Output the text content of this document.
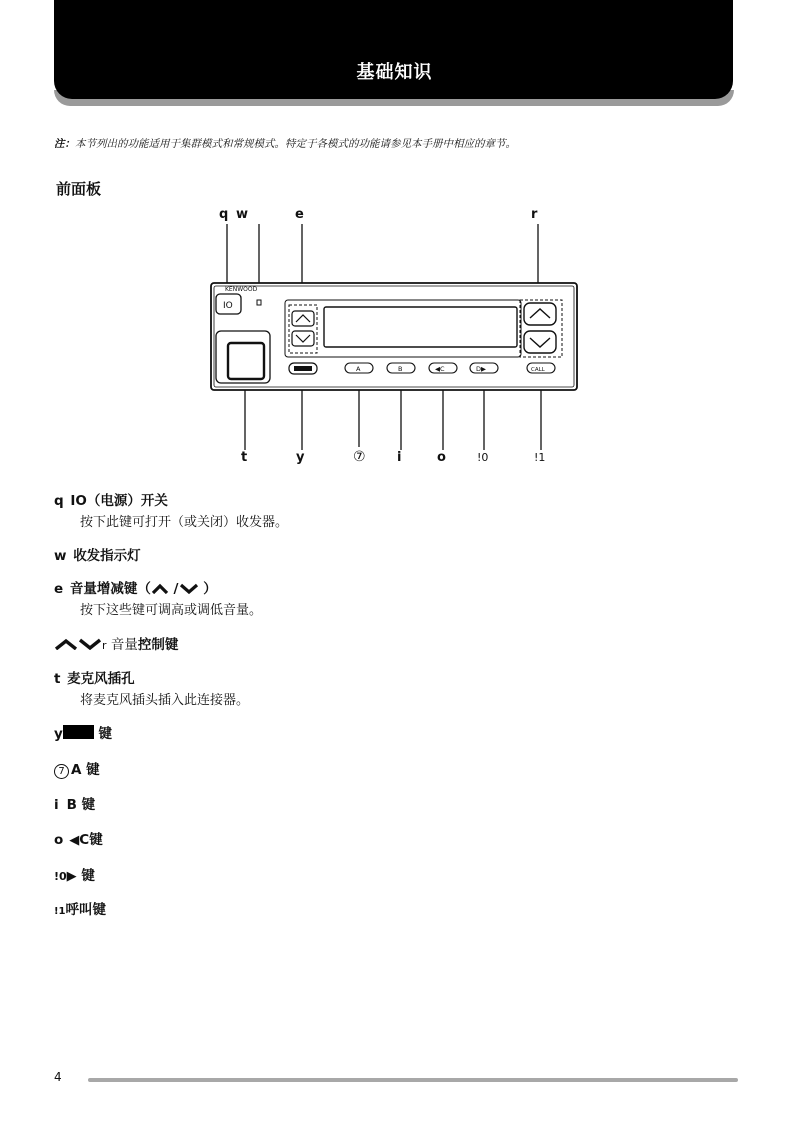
基础知识
注：本节列出的功能适用于集群模式和常规模式。特定于各模式的功能请参见本手册中相应的章节。
前面板
q w	e	r
t	y	⑦ i	o	!0	!1
KENWOOD
IO
A	B	◀C	D▶	CALL
q IO（电源）开关
按下此键可打开（或关闭）收发器。
w 收发指示灯
e 音量增减键（ / ）
按下这些键可调高或调低音量。
r 音量控制键
t 麦克风插孔
将麦克风插头插入此连接器。
y	键
7 A 键
i B 键
o ◀C键
!0▶ 键
!1呼叫键
4
